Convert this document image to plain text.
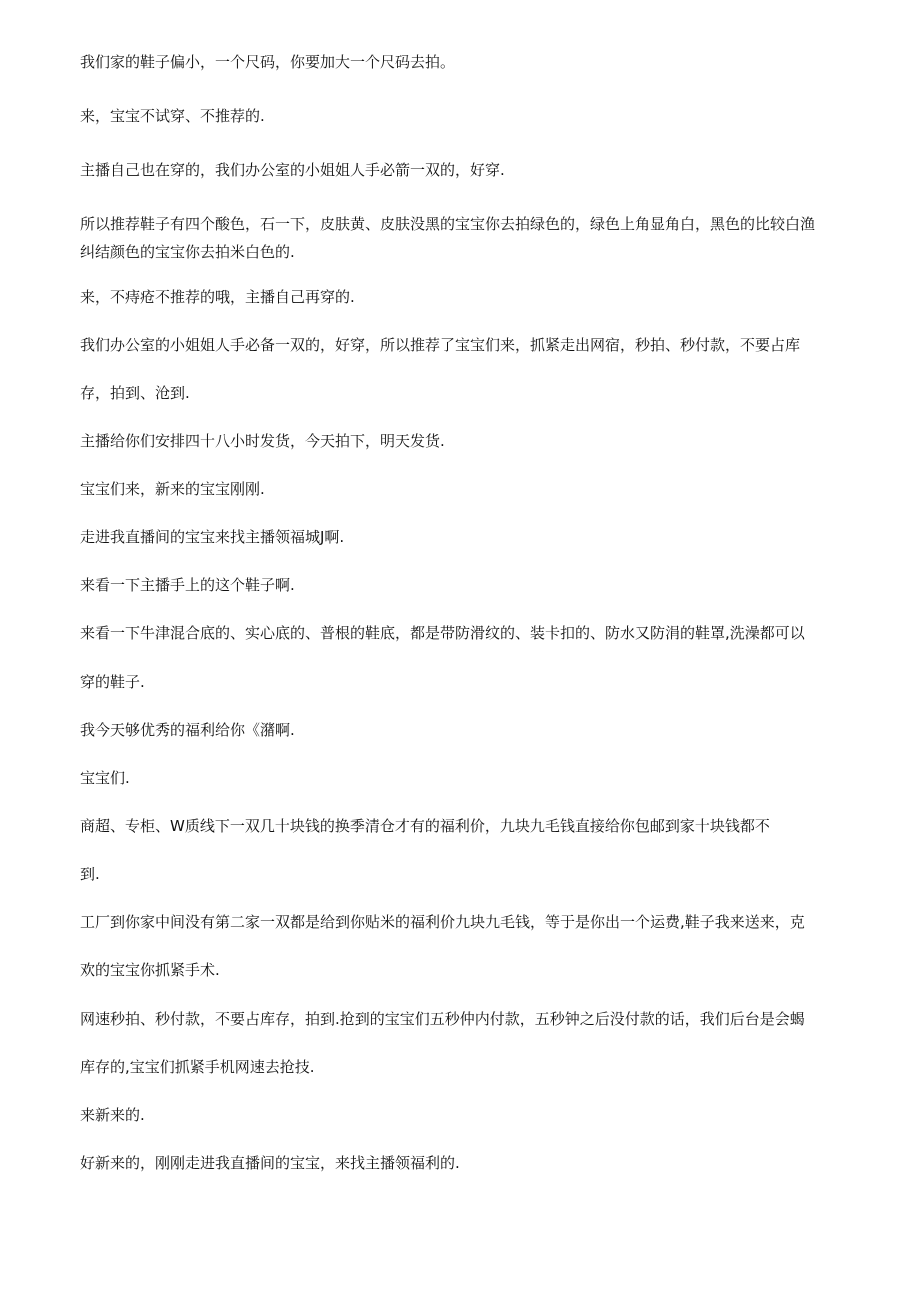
我们家的鞋子偏小，一个尺码，你要加大一个尺码去拍。

来，宝宝不试穿、不推荐的.

主播自己也在穿的，我们办公室的小姐姐人手必箭一双的，好穿.

所以推荐鞋子有四个酸色，石一下，皮肤黄、皮肤没黑的宝宝你去拍绿色的，绿色上角显角白，黑色的比较白渔

纠结颜色的宝宝你去拍米白色的.

来，不痔疮不推荐的哦，主播自己再穿的.

我们办公室的小姐姐人手必备一双的，好穿，所以推荐了宝宝们来，抓紧走出网宿，秒拍、秒付款，不要占库

存，拍到、沧到.

主播给你们安排四十八小时发货，今天拍下，明天发货.

宝宝们来，新来的宝宝刚刚.

走进我直播间的宝宝来找主播领福城J啊.

来看一下主播手上的这个鞋子啊.

来看一下牛津混合底的、实心底的、普根的鞋底，都是带防滑纹的、装卡扣的、防水又防涓的鞋罩,洗澡都可以

穿的鞋子.

我今天够优秀的福利给你《潴啊.

宝宝们.

商超、专柜、W质线下一双几十块钱的换季清仓才有的福利价，九块九毛钱直接给你包邮到家十块钱都不

到.

工厂到你家中间没有第二家一双都是给到你贴米的福利价九块九毛钱，等于是你出一个运费,鞋子我来送来，克

欢的宝宝你抓紧手术.

网速秒拍、秒付款，不要占库存，拍到.抢到的宝宝们五秒仲内付款，五秒钟之后没付款的话，我们后台是会蝎

库存的,宝宝们抓紧手机网速去抢技.

来新来的.

好新来的，刚刚走进我直播间的宝宝，来找主播领福利的.
